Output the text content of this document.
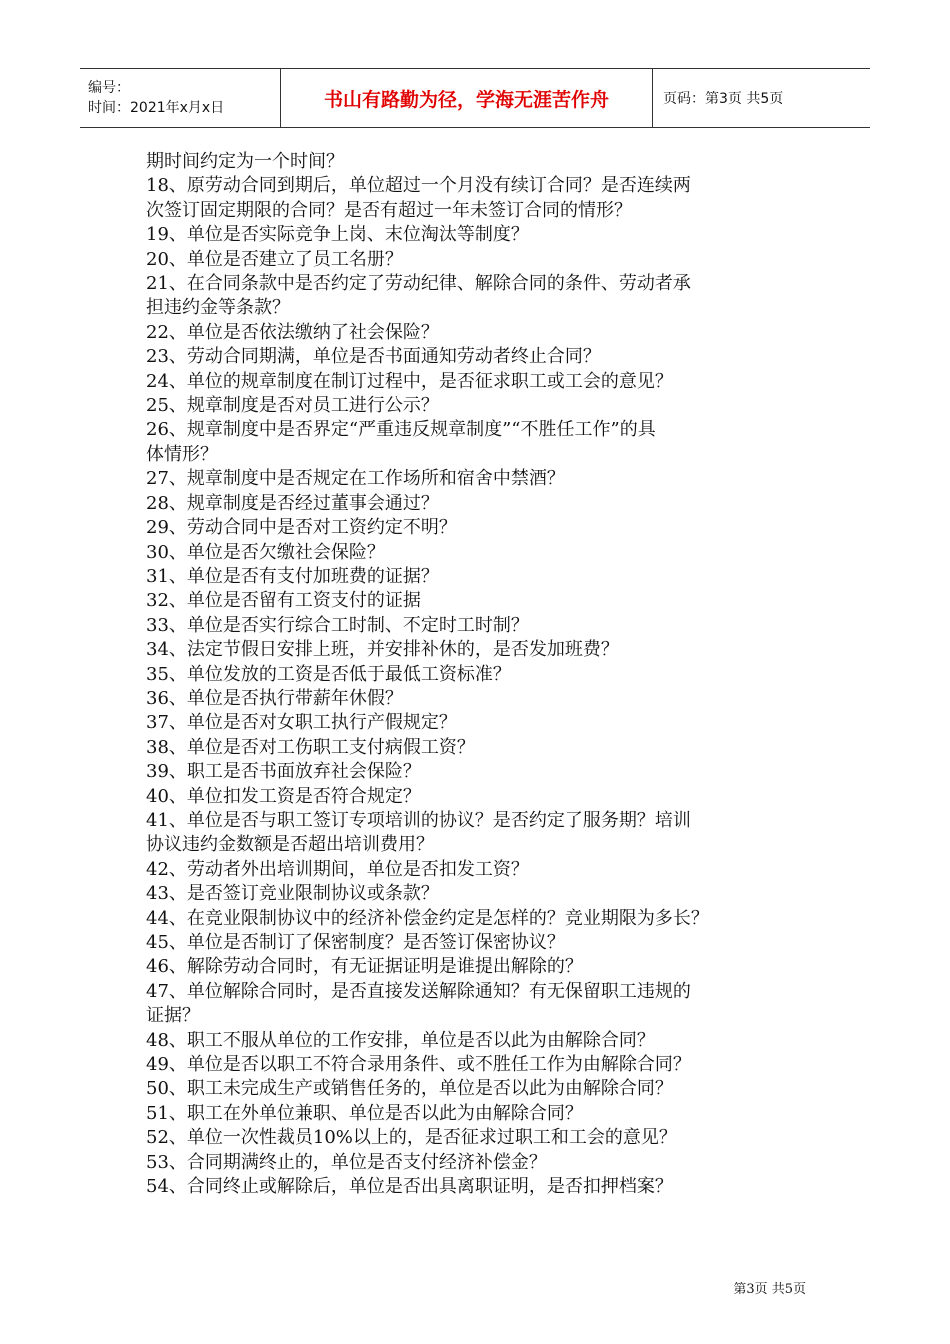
编号：
时间：2021年x月x日	书山有路勤为径，学海无涯苦作舟	页码：第3页 共5页
期时间约定为一个时间？
18、原劳动合同到期后，单位超过一个月没有续订合同？是否连续两
次签订固定期限的合同？是否有超过一年未签订合同的情形？
19、单位是否实际竞争上岗、末位淘汰等制度？
20、单位是否建立了员工名册？
21、在合同条款中是否约定了劳动纪律、解除合同的条件、劳动者承
担违约金等条款？
22、单位是否依法缴纳了社会保险？
23、劳动合同期满，单位是否书面通知劳动者终止合同？
24、单位的规章制度在制订过程中，是否征求职工或工会的意见？
25、规章制度是否对员工进行公示？
26、规章制度中是否界定“严重违反规章制度”“不胜任工作”的具
体情形？
27、规章制度中是否规定在工作场所和宿舍中禁酒？
28、规章制度是否经过董事会通过？
29、劳动合同中是否对工资约定不明？
30、单位是否欠缴社会保险？
31、单位是否有支付加班费的证据？
32、单位是否留有工资支付的证据
33、单位是否实行综合工时制、不定时工时制？
34、法定节假日安排上班，并安排补休的，是否发加班费？
35、单位发放的工资是否低于最低工资标准？
36、单位是否执行带薪年休假？
37、单位是否对女职工执行产假规定？
38、单位是否对工伤职工支付病假工资？
39、职工是否书面放弃社会保险？
40、单位扣发工资是否符合规定？
41、单位是否与职工签订专项培训的协议？是否约定了服务期？培训
协议违约金数额是否超出培训费用？
42、劳动者外出培训期间，单位是否扣发工资？
43、是否签订竞业限制协议或条款？
44、在竞业限制协议中的经济补偿金约定是怎样的？竞业期限为多长？
45、单位是否制订了保密制度？是否签订保密协议？
46、解除劳动合同时，有无证据证明是谁提出解除的？
47、单位解除合同时，是否直接发送解除通知？有无保留职工违规的
证据？
48、职工不服从单位的工作安排，单位是否以此为由解除合同？
49、单位是否以职工不符合录用条件、或不胜任工作为由解除合同？
50、职工未完成生产或销售任务的，单位是否以此为由解除合同？
51、职工在外单位兼职、单位是否以此为由解除合同？
52、单位一次性裁员10%以上的，是否征求过职工和工会的意见？
53、合同期满终止的，单位是否支付经济补偿金？
54、合同终止或解除后，单位是否出具离职证明，是否扣押档案？
第3页 共5页
